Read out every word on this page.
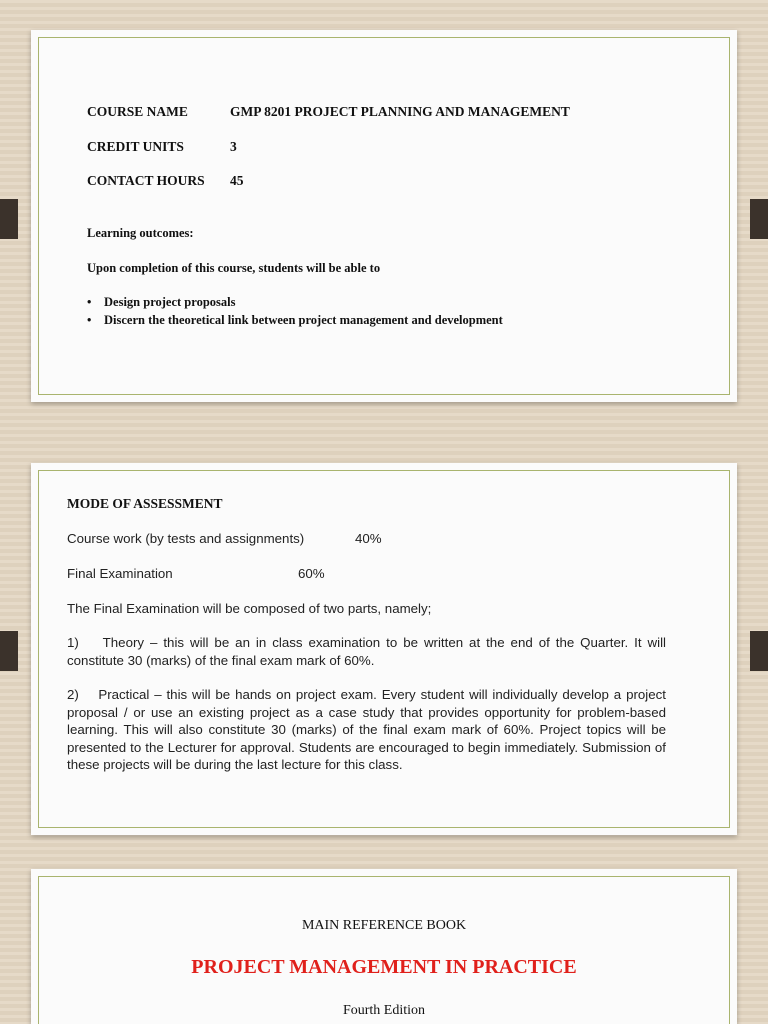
COURSE NAME	GMP 8201 PROJECT PLANNING AND MANAGEMENT
CREDIT UNITS	3
CONTACT HOURS 45
Learning outcomes:
Upon completion of this course, students will be able to
• Design project proposals
• Discern the theoretical link between project management and development
MODE OF ASSESSMENT
Course work (by tests and assignments)	40%
Final Examination	60%
The Final Examination will be composed of two parts, namely;
1)    Theory – this will be an in class examination to be written at the end of the Quarter. It will constitute 30 (marks) of the final exam mark of 60%.
2)    Practical – this will be hands on project exam. Every student will individually develop a project proposal / or use an existing project as a case study that provides opportunity for problem-based learning. This will also constitute 30 (marks) of the final exam mark of 60%. Project topics will be presented to the Lecturer for approval. Students are encouraged to begin immediately. Submission of these projects will be during the last lecture for this class.
MAIN REFERENCE BOOK
PROJECT MANAGEMENT IN PRACTICE
Fourth Edition
